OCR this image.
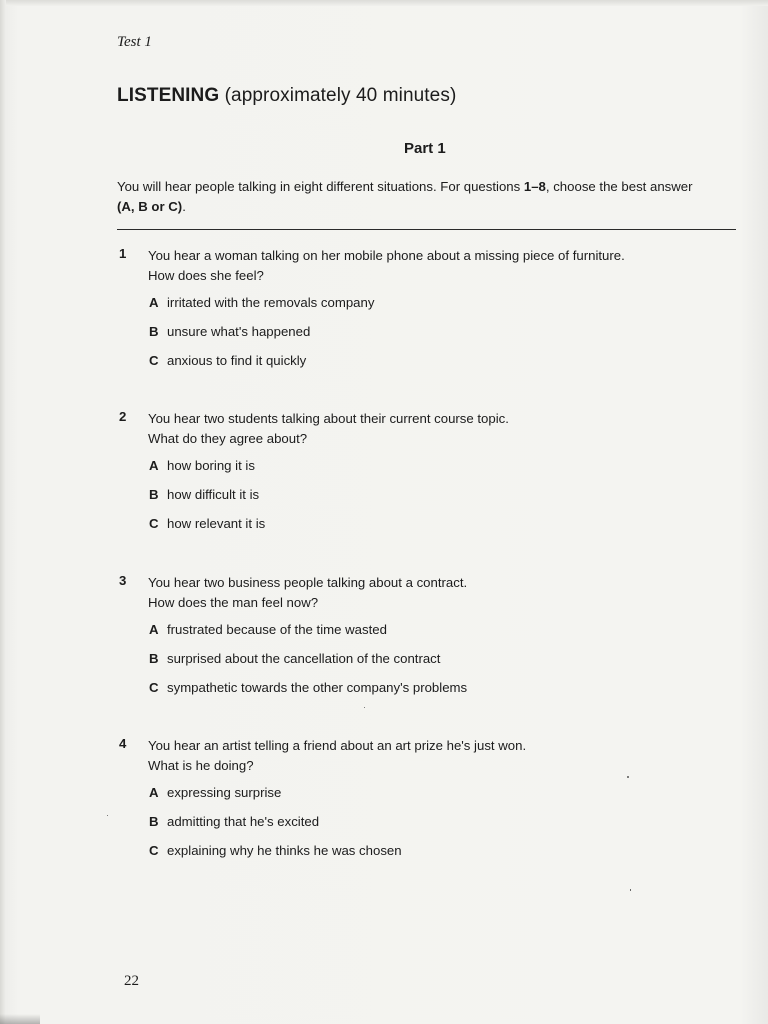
Test 1
LISTENING (approximately 40 minutes)
Part 1
You will hear people talking in eight different situations. For questions 1–8, choose the best answer
(A, B or C).
1 You hear a woman talking on her mobile phone about a missing piece of furniture.
How does she feel?
A irritated with the removals company
B unsure what's happened
C anxious to find it quickly
2 You hear two students talking about their current course topic.
What do they agree about?
A how boring it is
B how difficult it is
C how relevant it is
3 You hear two business people talking about a contract.
How does the man feel now?
A frustrated because of the time wasted
B surprised about the cancellation of the contract
C sympathetic towards the other company's problems
4 You hear an artist telling a friend about an art prize he's just won.
What is he doing?
A expressing surprise
B admitting that he's excited
C explaining why he thinks he was chosen
22
